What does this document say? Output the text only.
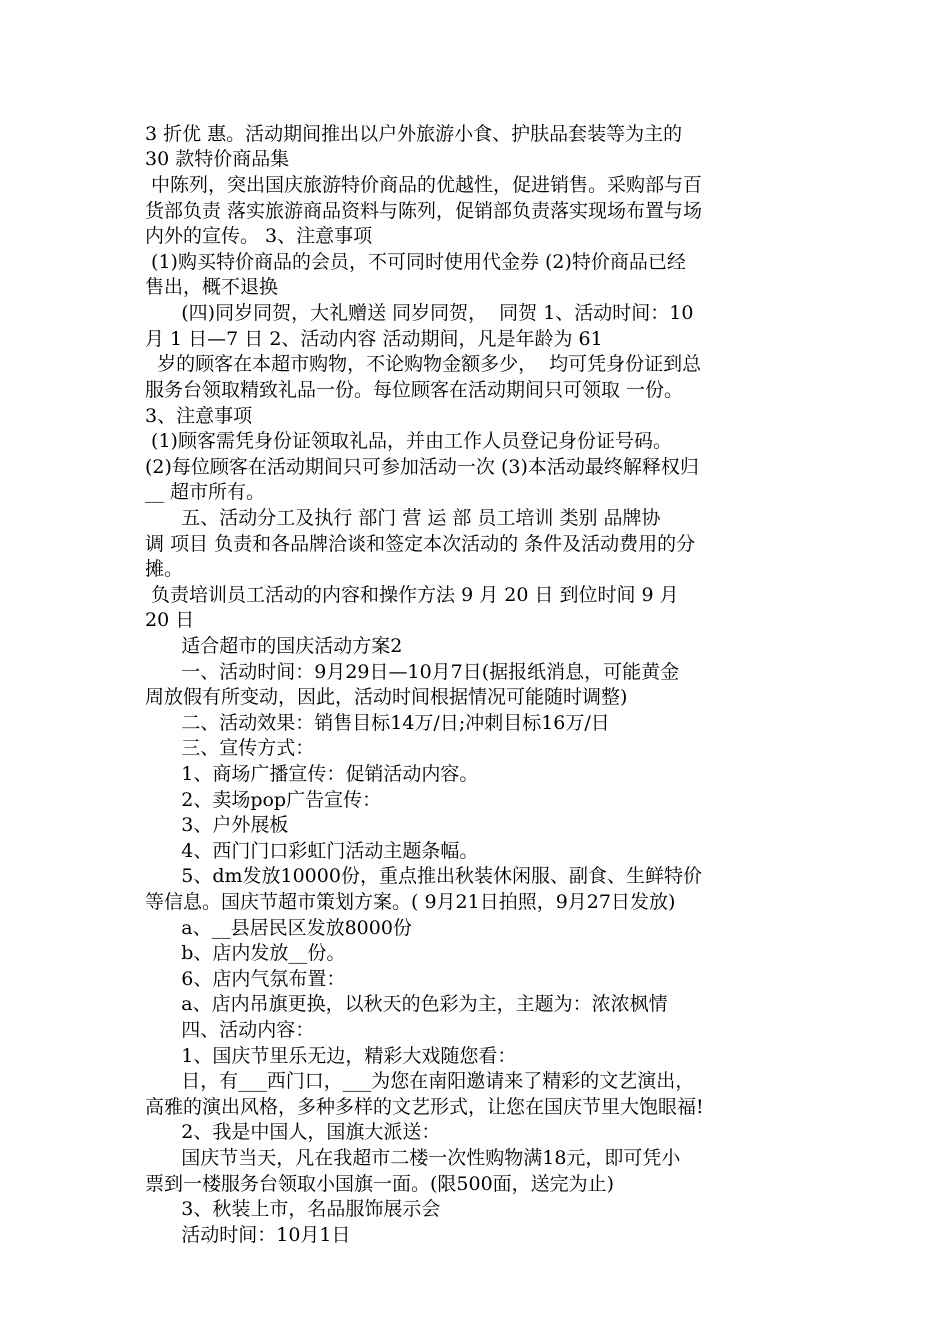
3 折优 惠。活动期间推出以户外旅游小食、护肤品套装等为主的
30 款特价商品集
中陈列，突出国庆旅游特价商品的优越性，促进销售。采购部与百
货部负责 落实旅游商品资料与陈列，促销部负责落实现场布置与场
内外的宣传。 3、注意事项
(1)购买特价商品的会员，不可同时使用代金券 (2)特价商品已经
售出，概不退换
(四)同岁同贺，大礼赠送 同岁同贺，  同贺 1、活动时间：10
月 1 日—7 日 2、活动内容 活动期间，凡是年龄为 61
岁的顾客在本超市购物，不论购物金额多少，  均可凭身份证到总
服务台领取精致礼品一份。每位顾客在活动期间只可领取 一份。
3、注意事项
(1)顾客需凭身份证领取礼品，并由工作人员登记身份证号码。
(2)每位顾客在活动期间只可参加活动一次 (3)本活动最终解释权归
__ 超市所有。
五、活动分工及执行 部门 营 运 部 员工培训 类别 品牌协
调 项目 负责和各品牌洽谈和签定本次活动的 条件及活动费用的分
摊。
负责培训员工活动的内容和操作方法 9 月 20 日 到位时间 9 月
20 日
适合超市的国庆活动方案2
一、活动时间：9月29日—10月7日(据报纸消息，可能黄金
周放假有所变动，因此，活动时间根据情况可能随时调整)
二、活动效果：销售目标14万/日;冲刺目标16万/日
三、宣传方式：
1、商场广播宣传：促销活动内容。
2、卖场pop广告宣传：
3、户外展板
4、西门门口彩虹门活动主题条幅。
5、dm发放10000份，重点推出秋装休闲服、副食、生鲜特价
等信息。国庆节超市策划方案。( 9月21日拍照，9月27日发放)
a、__县居民区发放8000份
b、店内发放__份。
6、店内气氛布置：
a、店内吊旗更换，以秋天的色彩为主，主题为：浓浓枫情
四、活动内容：
1、国庆节里乐无边，精彩大戏随您看：
日，有___西门口，___为您在南阳邀请来了精彩的文艺演出，
高雅的演出风格，多种多样的文艺形式，让您在国庆节里大饱眼福!
2、我是中国人，国旗大派送：
国庆节当天，凡在我超市二楼一次性购物满18元，即可凭小
票到一楼服务台领取小国旗一面。(限500面，送完为止)
3、秋装上市，名品服饰展示会
活动时间：10月1日
